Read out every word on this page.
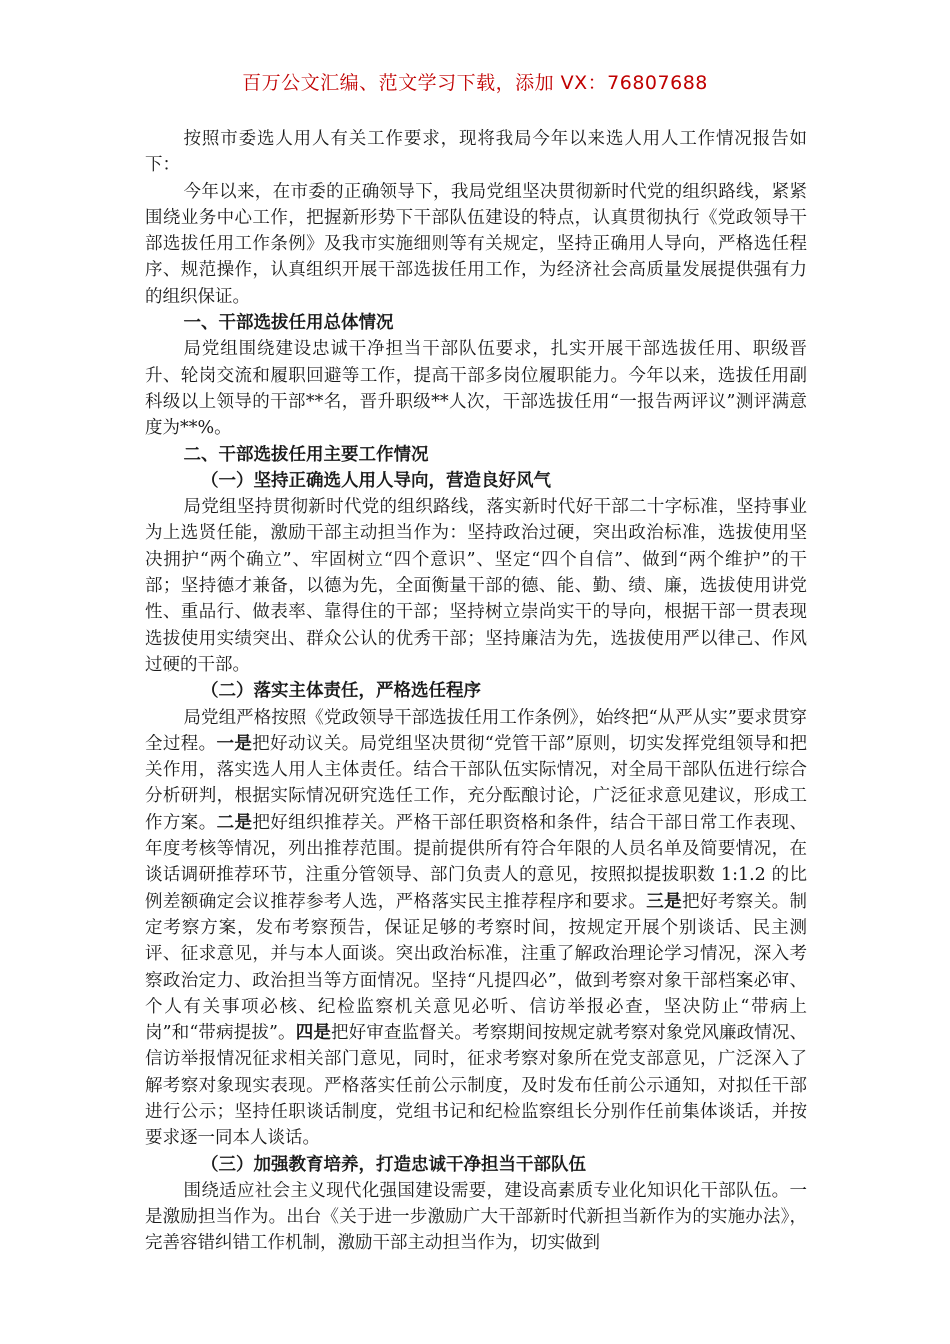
百万公文汇编、范文学习下载，添加 VX：76807688

按照市委选人用人有关工作要求，现将我局今年以来选人用人工作情况报告如下：

今年以来，在市委的正确领导下，我局党组坚决贯彻新时代党的组织路线，紧紧围绕业务中心工作，把握新形势下干部队伍建设的特点，认真贯彻执行《党政领导干部选拔任用工作条例》及我市实施细则等有关规定，坚持正确用人导向，严格选任程序、规范操作，认真组织开展干部选拔任用工作，为经济社会高质量发展提供强有力的组织保证。

一、干部选拔任用总体情况

局党组围绕建设忠诚干净担当干部队伍要求，扎实开展干部选拔任用、职级晋升、轮岗交流和履职回避等工作，提高干部多岗位履职能力。今年以来，选拔任用副科级以上领导的干部**名，晋升职级**人次，干部选拔任用“一报告两评议”测评满意度为**%。

二、干部选拔任用主要工作情况
（一）坚持正确选人用人导向，营造良好风气

局党组坚持贯彻新时代党的组织路线，落实新时代好干部二十字标准，坚持事业为上选贤任能，激励干部主动担当作为：坚持政治过硬，突出政治标准，选拔使用坚决拥护“两个确立”、牢固树立“四个意识”、坚定“四个自信”、做到“两个维护”的干部；坚持德才兼备，以德为先，全面衡量干部的德、能、勤、绩、廉，选拔使用讲党性、重品行、做表率、靠得住的干部；坚持树立崇尚实干的导向，根据干部一贯表现选拔使用实绩突出、群众公认的优秀干部；坚持廉洁为先，选拔使用严以律己、作风过硬的干部。

（二）落实主体责任，严格选任程序

局党组严格按照《党政领导干部选拔任用工作条例》，始终把“从严从实”要求贯穿全过程。一是把好动议关。局党组坚决贯彻“党管干部”原则，切实发挥党组领导和把关作用，落实选人用人主体责任。结合干部队伍实际情况，对全局干部队伍进行综合分析研判，根据实际情况研究选任工作，充分酝酿讨论，广泛征求意见建议，形成工作方案。二是把好组织推荐关。严格干部任职资格和条件，结合干部日常工作表现、年度考核等情况，列出推荐范围。提前提供所有符合年限的人员名单及简要情况，在谈话调研推荐环节，注重分管领导、部门负责人的意见，按照拟提拔职数 1:1.2 的比例差额确定会议推荐参考人选，严格落实民主推荐程序和要求。三是把好考察关。制定考察方案，发布考察预告，保证足够的考察时间，按规定开展个别谈话、民主测评、征求意见，并与本人面谈。突出政治标准，注重了解政治理论学习情况，深入考察政治定力、政治担当等方面情况。坚持“凡提四必”，做到考察对象干部档案必审、个人有关事项必核、纪检监察机关意见必听、信访举报必查，坚决防止“带病上岗”和“带病提拔”。四是把好审查监督关。考察期间按规定就考察对象党风廉政情况、信访举报情况征求相关部门意见，同时，征求考察对象所在党支部意见，广泛深入了解考察对象现实表现。严格落实任前公示制度，及时发布任前公示通知，对拟任干部进行公示；坚持任职谈话制度，党组书记和纪检监察组长分别作任前集体谈话，并按要求逐一同本人谈话。

（三）加强教育培养，打造忠诚干净担当干部队伍

围绕适应社会主义现代化强国建设需要，建设高素质专业化知识化干部队伍。一是激励担当作为。出台《关于进一步激励广大干部新时代新担当新作为的实施办法》，完善容错纠错工作机制，激励干部主动担当作为，切实做到
